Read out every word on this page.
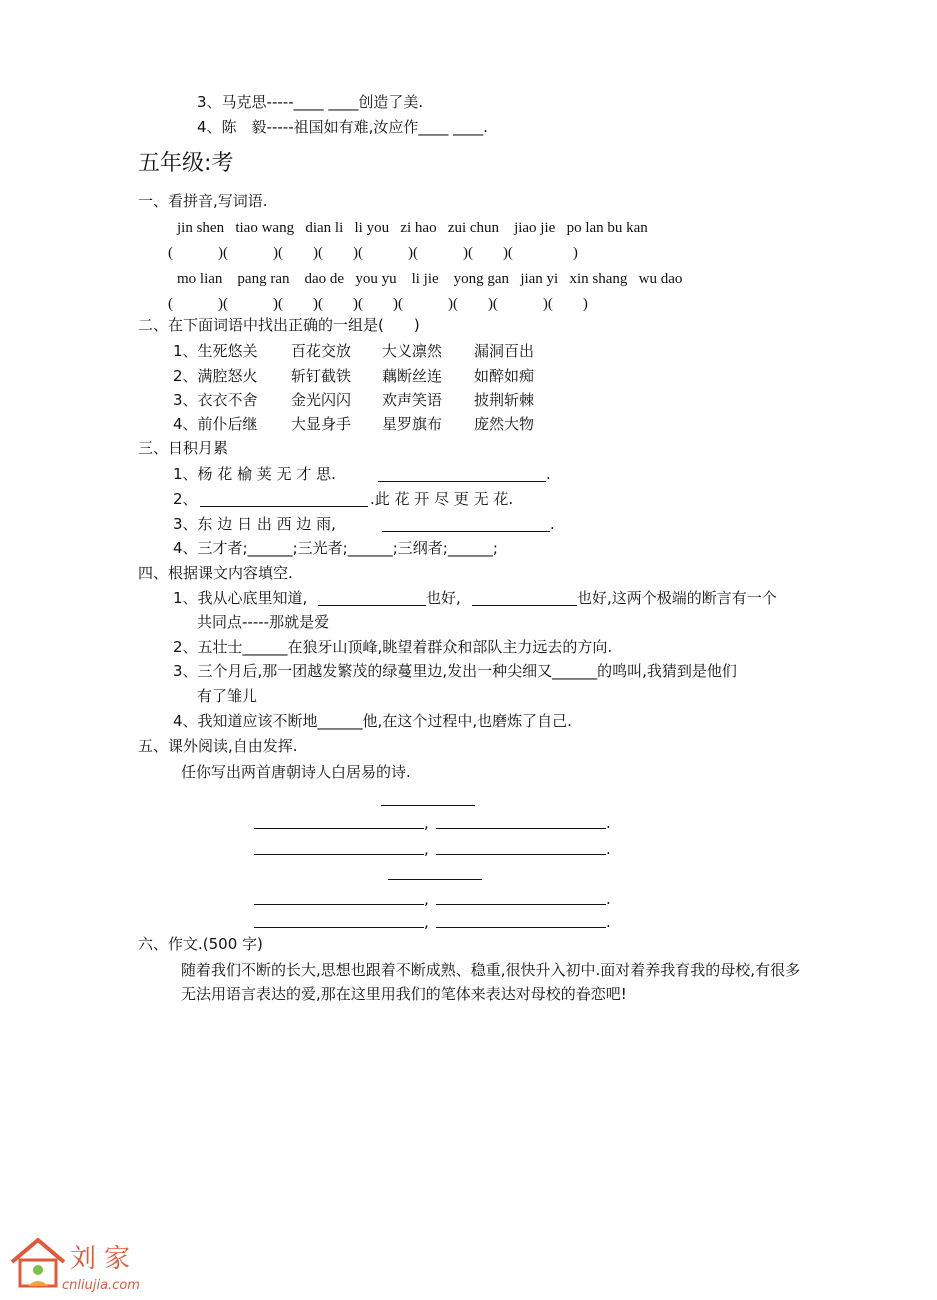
3、马克思-----____ ____创造了美.
4、陈　毅-----祖国如有难,汝应作____ ____.
五年级:考
一、看拼音,写词语.
jin shen tiao wang dian li li you zi hao zui chun jiao jie po lan bu kan
(　　　)(　　　)(　　)(　　)(　　　)(　　　)(　　)(　　　　)
mo lian pang ran dao de you yu li jie yong gan jian yi xin shang wu dao
(　　　)(　　　)(　　)(　　)(　　)(　　　)(　　)(　　　)(　　)
二、在下面词语中找出正确的一组是(　　)
1、生死悠关 百花交放 大义凛然 漏洞百出
2、满腔怒火 斩钉截铁 藕断丝连 如醉如痴
3、衣衣不舍 金光闪闪 欢声笑语 披荆斩棘
4、前仆后继 大显身手 星罗旗布 庞然大物
三、日积月累
1、杨 花 榆 荚 无 才 思.	.
2、	.此 花 开 尽 更 无 花.
3、东 边 日 出 西 边 雨,	.
4、三才者;______;三光者;______;三纲者;______;
四、根据课文内容填空.
1、我从心底里知道,	也好,	也好,这两个极端的断言有一个
共同点-----那就是爱
2、五壮士______在狼牙山顶峰,眺望着群众和部队主力远去的方向.
3、三个月后,那一团越发繁茂的绿蔓里边,发出一种尖细又______的鸣叫,我猜到是他们
有了雏儿
4、我知道应该不断地______他,在这个过程中,也磨炼了自己.
五、课外阅读,自由发挥.
任你写出两首唐朝诗人白居易的诗.
,	.
,	.
,	.
,	.
六、作文.(500 字)
随着我们不断的长大,思想也跟着不断成熟、稳重,很快升入初中.面对着养我育我的母校,有很多无法用语言表达的爱,那在这里用我们的笔体来表达对母校的眷恋吧!
刘家
cnliujia.com
